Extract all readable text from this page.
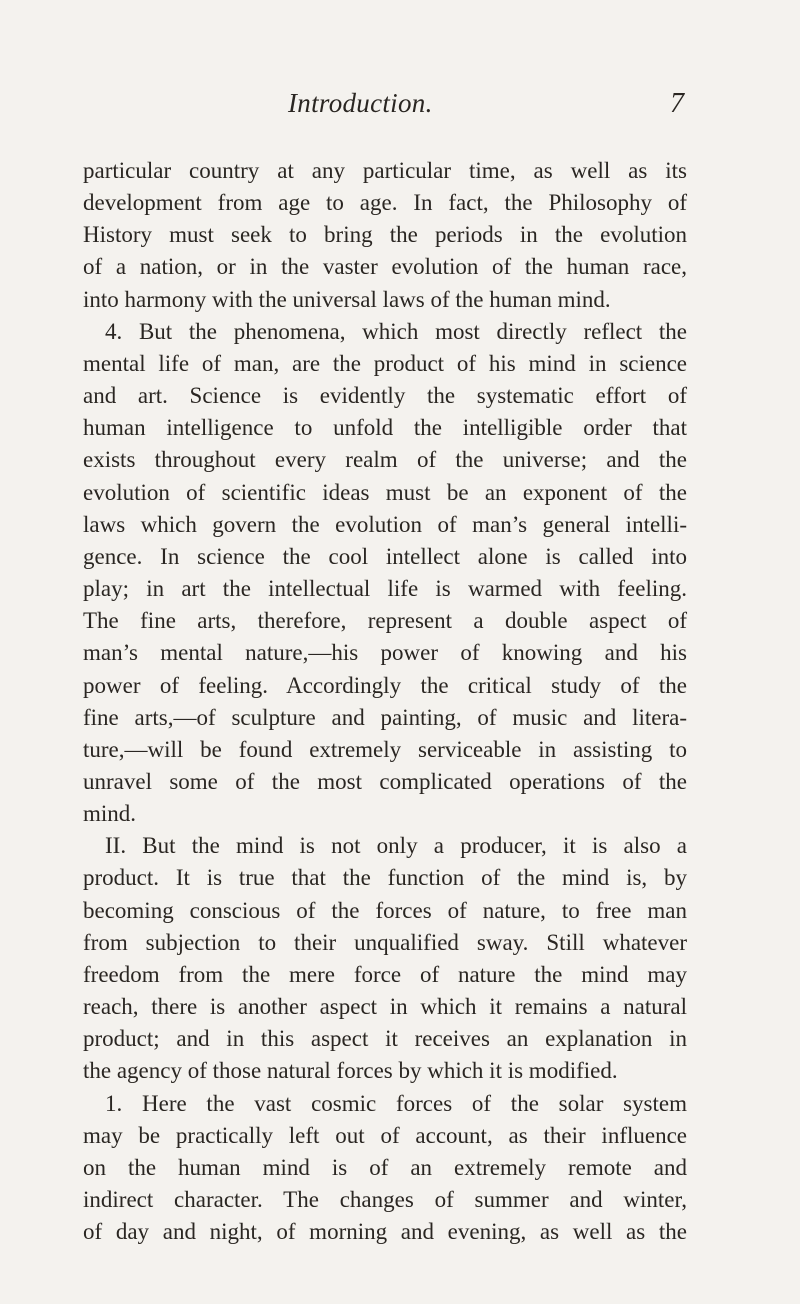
Introduction.	7
particular country at any particular time, as well as its
development from age to age. In fact, the Philosophy of
History must seek to bring the periods in the evolution
of a nation, or in the vaster evolution of the human race,
into harmony with the universal laws of the human mind.
4. But the phenomena, which most directly reflect the
mental life of man, are the product of his mind in science
and art. Science is evidently the systematic effort of
human intelligence to unfold the intelligible order that
exists throughout every realm of the universe; and the
evolution of scientific ideas must be an exponent of the
laws which govern the evolution of man’s general intelli-
gence. In science the cool intellect alone is called into
play; in art the intellectual life is warmed with feeling.
The fine arts, therefore, represent a double aspect of
man’s mental nature,—his power of knowing and his
power of feeling. Accordingly the critical study of the
fine arts,—of sculpture and painting, of music and litera-
ture,—will be found extremely serviceable in assisting to
unravel some of the most complicated operations of the
mind.
II. But the mind is not only a producer, it is also a
product. It is true that the function of the mind is, by
becoming conscious of the forces of nature, to free man
from subjection to their unqualified sway. Still whatever
freedom from the mere force of nature the mind may
reach, there is another aspect in which it remains a natural
product; and in this aspect it receives an explanation in
the agency of those natural forces by which it is modified.
1. Here the vast cosmic forces of the solar system
may be practically left out of account, as their influence
on the human mind is of an extremely remote and
indirect character. The changes of summer and winter,
of day and night, of morning and evening, as well as the
